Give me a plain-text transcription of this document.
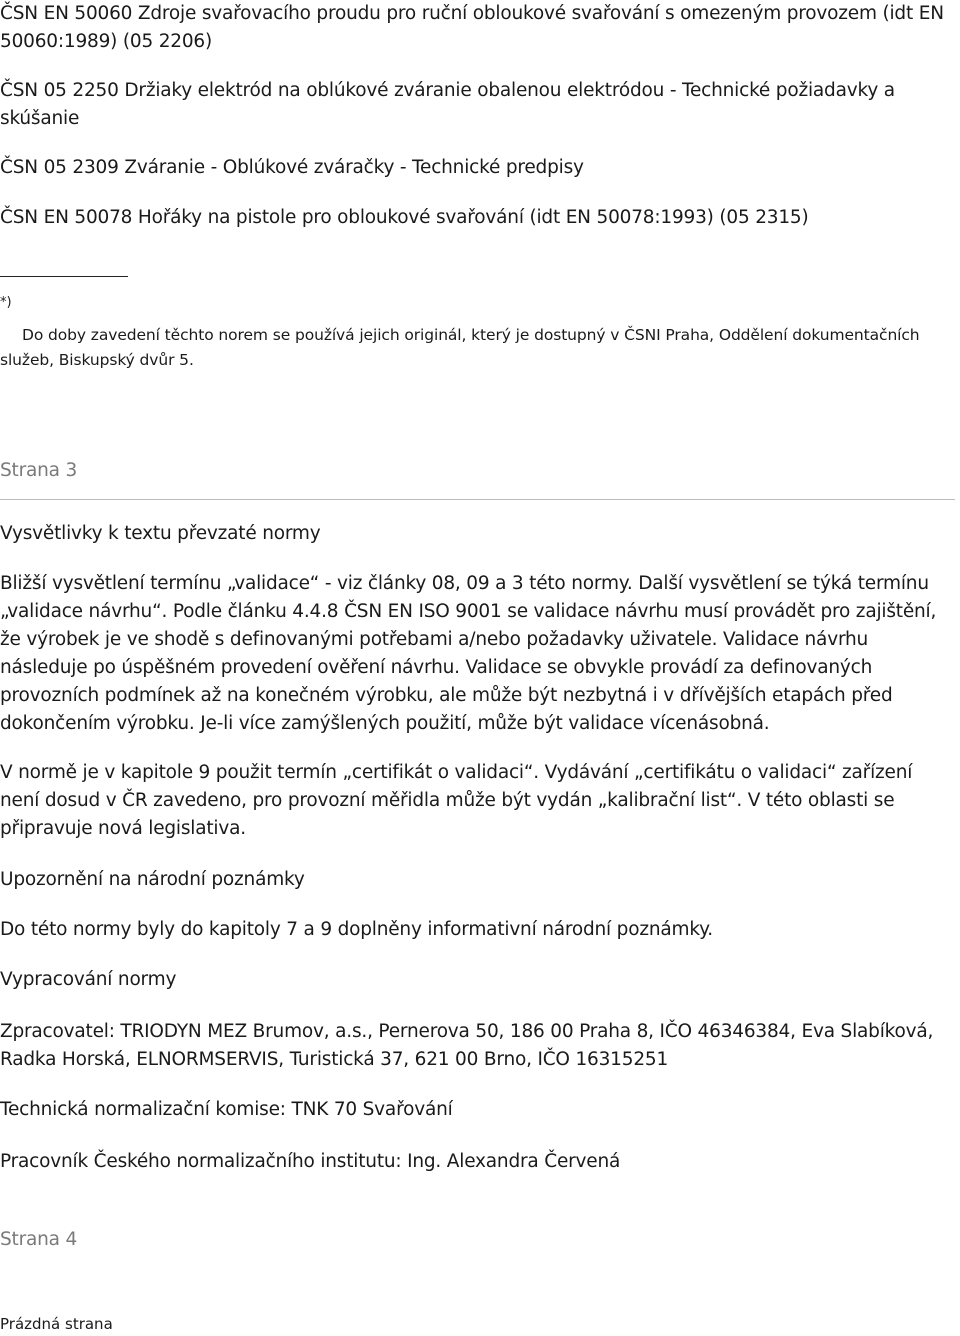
ČSN EN 50060 Zdroje svařovacího proudu pro ruční obloukové svařování s omezeným provozem (idt EN 50060:1989) (05 2206)

ČSN 05 2250 Držiaky elektród na oblúkové zváranie obalenou elektródou - Technické požiadavky a skúšanie

ČSN 05 2309 Zváranie - Oblúkové zváračky - Technické predpisy

ČSN EN 50078 Hořáky na pistole pro obloukové svařování (idt EN 50078:1993) (05 2315)

*)

Do doby zavedení těchto norem se používá jejich originál, který je dostupný v ČSNI Praha, Oddělení dokumentačních služeb, Biskupský dvůr 5.

Strana 3

Vysvětlivky k textu převzaté normy

Bližší vysvětlení termínu „validace“ - viz články 08, 09 a 3 této normy. Další vysvětlení se týká termínu „validace návrhu“. Podle článku 4.4.8 ČSN EN ISO 9001 se validace návrhu musí provádět pro zajištění, že výrobek je ve shodě s definovanými potřebami a/nebo požadavky uživatele. Validace návrhu následuje po úspěšném provedení ověření návrhu. Validace se obvykle provádí za definovaných provozních podmínek až na konečném výrobku, ale může být nezbytná i v dřívějších etapách před dokončením výrobku. Je-li více zamýšlených použití, může být validace vícenásobná.

V normě je v kapitole 9 použit termín „certifikát o validaci“. Vydávání „certifikátu o validaci“ zařízení není dosud v ČR zavedeno, pro provozní měřidla může být vydán „kalibrační list“. V této oblasti se připravuje nová legislativa.

Upozornění na národní poznámky

Do této normy byly do kapitoly 7 a 9 doplněny informativní národní poznámky.

Vypracování normy

Zpracovatel: TRIODYN MEZ Brumov, a.s., Pernerova 50, 186 00 Praha 8, IČO 46346384, Eva Slabíková, Radka Horská, ELNORMSERVIS, Turistická 37, 621 00 Brno, IČO 16315251

Technická normalizační komise: TNK 70 Svařování

Pracovník Českého normalizačního institutu: Ing. Alexandra Červená

Strana 4

Prázdná strana
